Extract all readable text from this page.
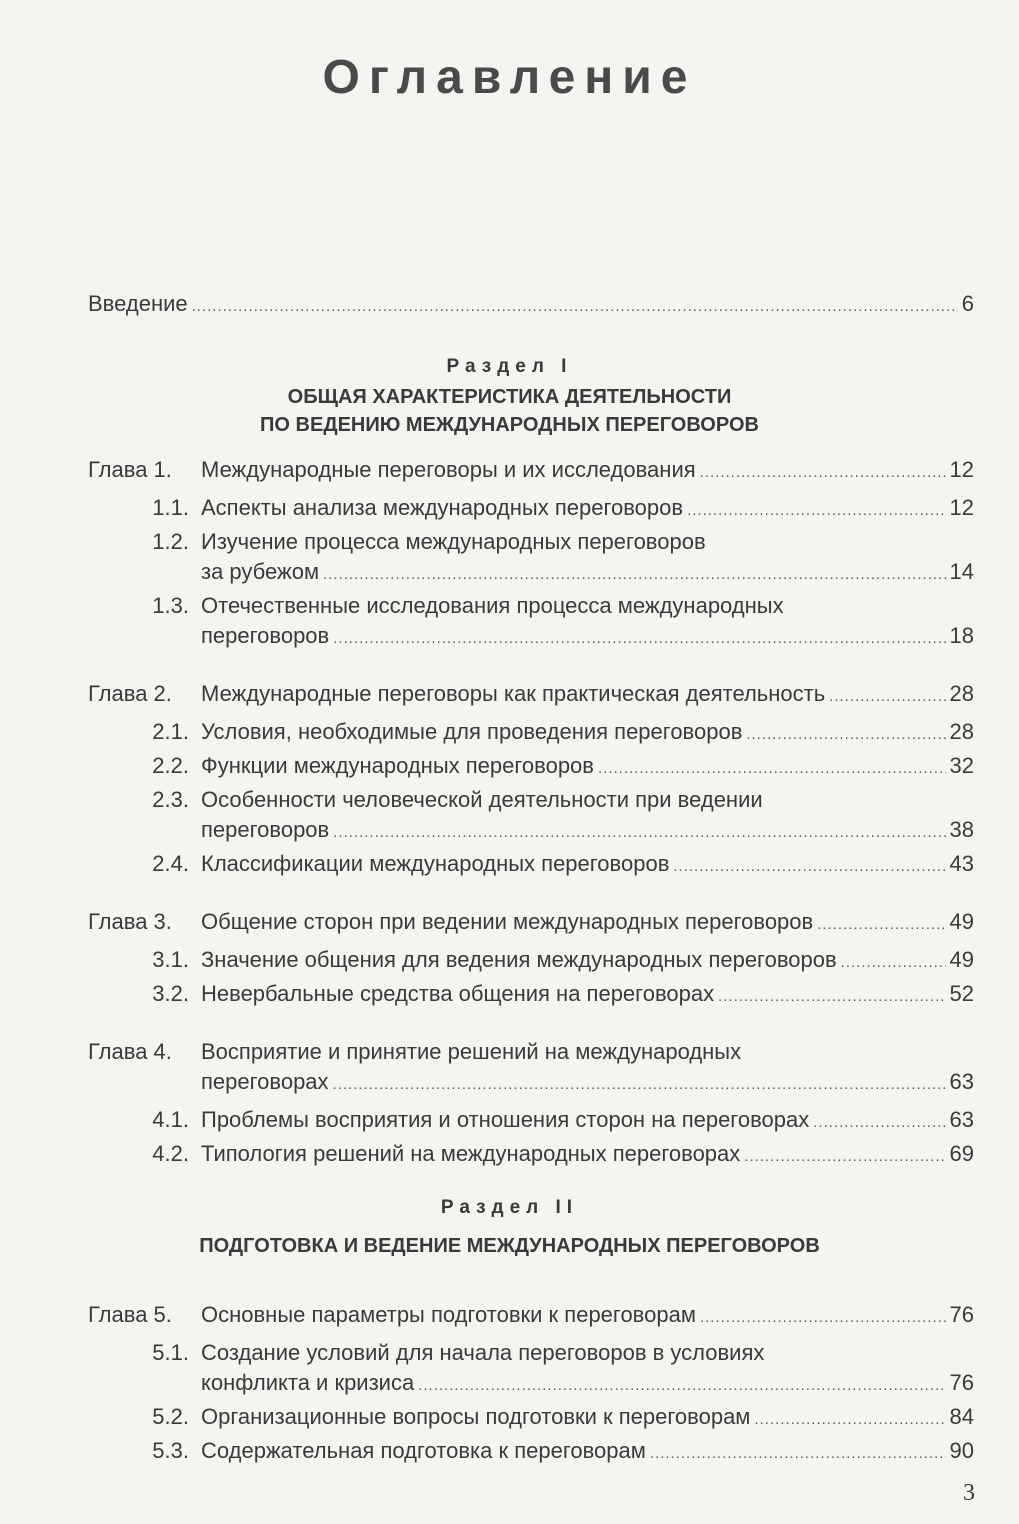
Оглавление
Введение .....	6
Раздел I
ОБЩАЯ ХАРАКТЕРИСТИКА ДЕЯТЕЛЬНОСТИ
ПО ВЕДЕНИЮ МЕЖДУНАРОДНЫХ ПЕРЕГОВОРОВ
Глава 1.	Международные переговоры и их исследования .....	12
1.1. Аспекты анализа международных переговоров .....	12
1.2. Изучение процесса международных переговоров
за рубежом .....	14
1.3. Отечественные исследования процесса международных
переговоров .....	18
Глава 2.	Международные переговоры как практическая деятельность .....	28
2.1. Условия, необходимые для проведения переговоров .....	28
2.2. Функции международных переговоров .....	32
2.3. Особенности человеческой деятельности при ведении
переговоров .....	38
2.4. Классификации международных переговоров .....	43
Глава 3.	Общение сторон при ведении международных переговоров .....	49
3.1. Значение общения для ведения международных переговоров .....	49
3.2. Невербальные средства общения на переговорах .....	52
Глава 4.	Восприятие и принятие решений на международных
переговорах .....	63
4.1. Проблемы восприятия и отношения сторон на переговорах .....	63
4.2. Типология решений на международных переговорах .....	69
Раздел II
ПОДГОТОВКА И ВЕДЕНИЕ МЕЖДУНАРОДНЫХ ПЕРЕГОВОРОВ
Глава 5.	Основные параметры подготовки к переговорам .....	76
5.1. Создание условий для начала переговоров в условиях
конфликта и кризиса .....	76
5.2. Организационные вопросы подготовки к переговорам .....	84
5.3. Содержательная подготовка к переговорам .....	90
3
